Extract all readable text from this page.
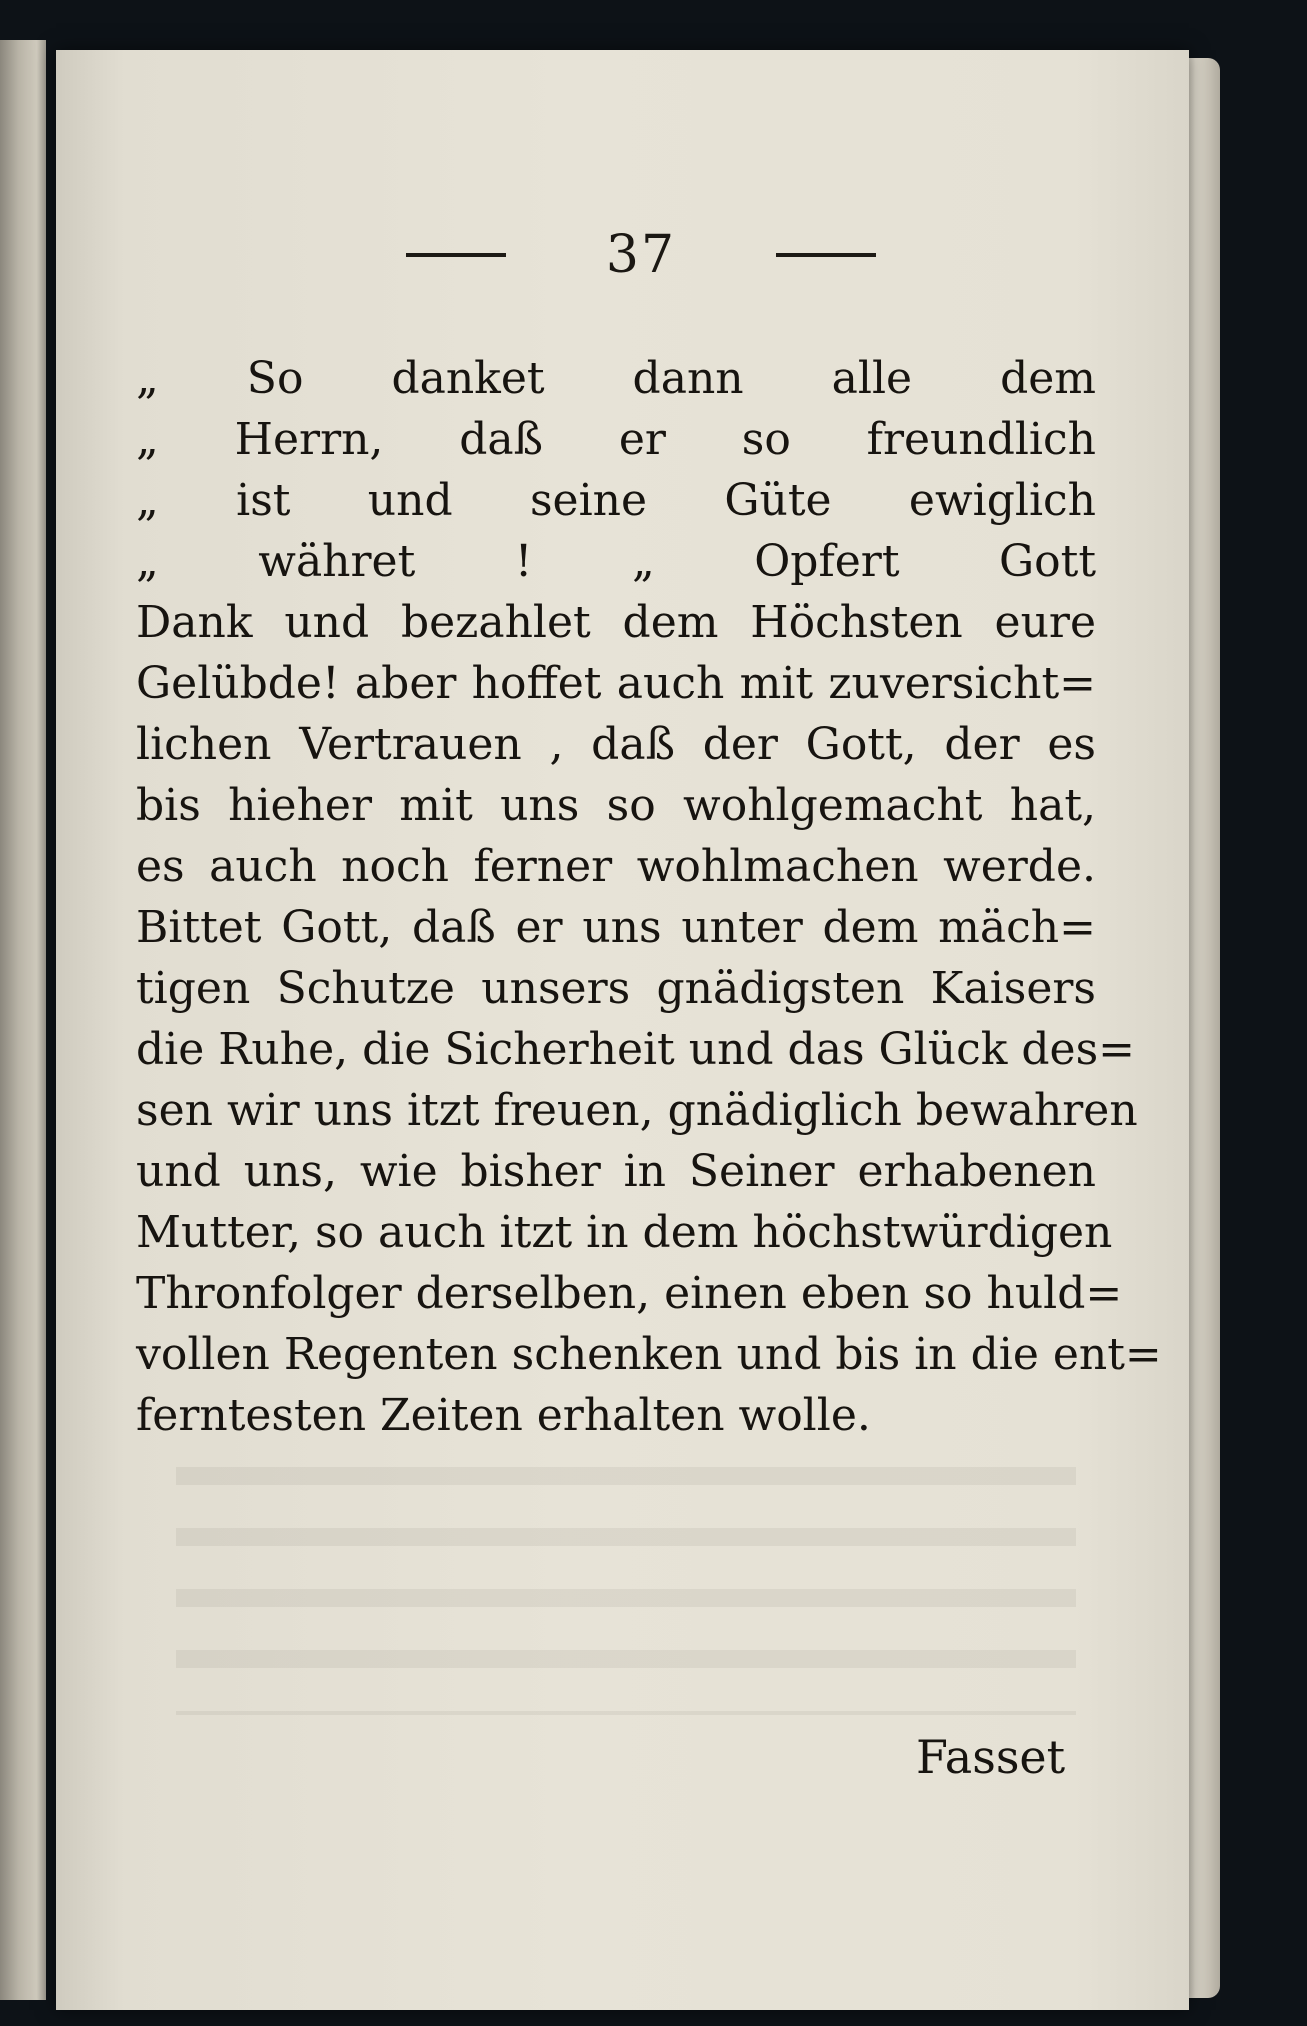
37
„ So danket dann alle dem
„ Herrn, daß er so freundlich
„ ist und seine Güte ewiglich
„ währet ! „ Opfert Gott
Dank und bezahlet dem Höchsten eure
Gelübde! aber hoffet auch mit zuversicht=
lichen Vertrauen , daß der Gott, der es
bis hieher mit uns so wohlgemacht hat,
es auch noch ferner wohlmachen werde.
Bittet Gott, daß er uns unter dem mäch=
tigen Schutze unsers gnädigsten Kaisers
die Ruhe, die Sicherheit und das Glück des=
sen wir uns itzt freuen, gnädiglich bewahren
und uns, wie bisher in Seiner erhabenen
Mutter, so auch itzt in dem höchstwürdigen
Thronfolger derselben, einen eben so huld=
vollen Regenten schenken und bis in die ent=
ferntesten Zeiten erhalten wolle.
Fasset
